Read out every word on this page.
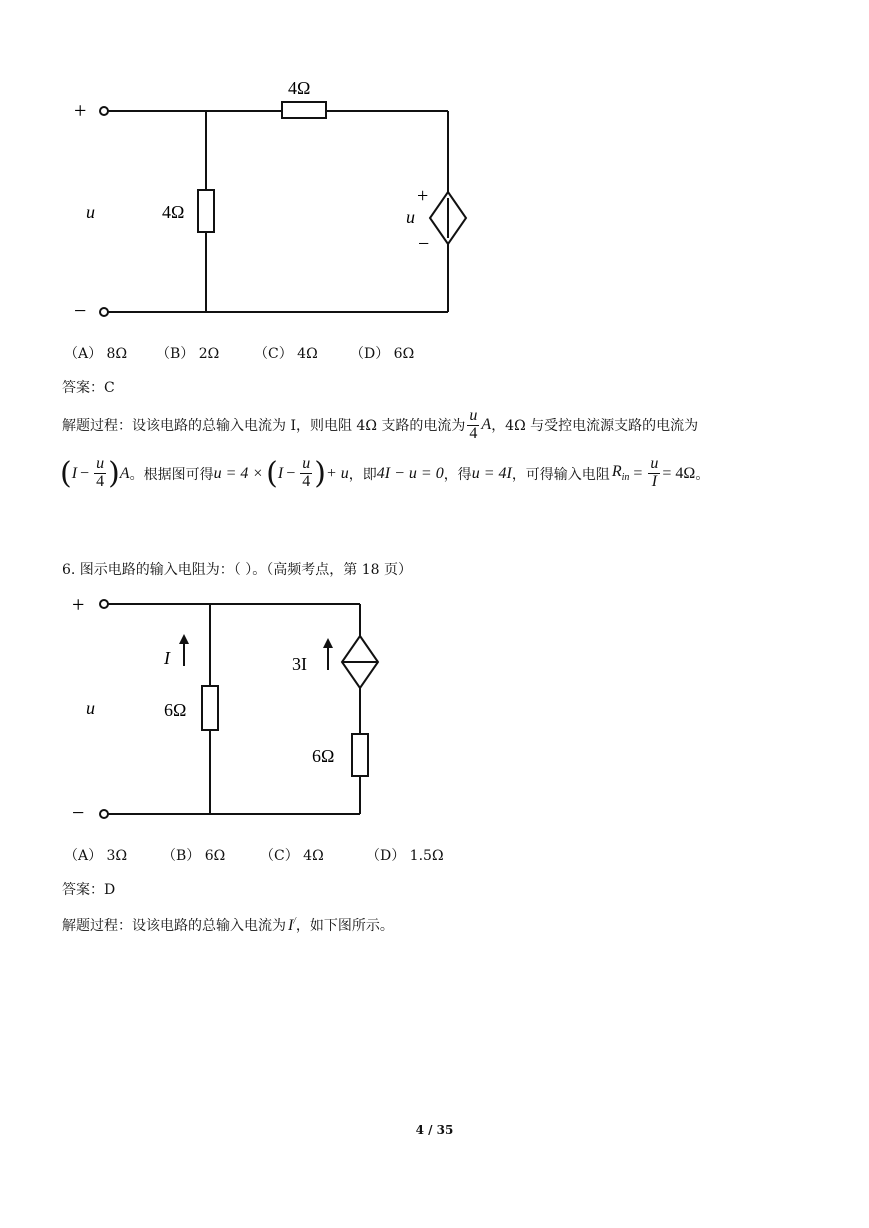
+
−
u
4Ω
4Ω
+
u
−
（A） 8Ω （B） 2Ω （C） 4Ω （D） 6Ω
答案：C
解题过程：设该电路的总输入电流为 I，则电阻 4Ω 支路的电流为 $\frac{u}{4}$ A ，4Ω 与受控电流源支路的电流为
( $I - \frac{u}{4}$ ) A 。根据图可得 u = 4 × ( $I - \frac{u}{4}$ ) + u ，即 4I − u = 0 ，得 u = 4I ，可得输入电阻 $R_{in} = \frac{u}{I} = 4\Omega$ 。
6. 图示电路的输入电阻为：（ ）。（高频考点，第 18 页）
+
−
u
I
6Ω
3I
6Ω
（A） 3Ω （B） 6Ω （C） 4Ω	（D） 1.5Ω
答案：D
解题过程：设该电路的总输入电流为 I/，如下图所示。
4 / 35
